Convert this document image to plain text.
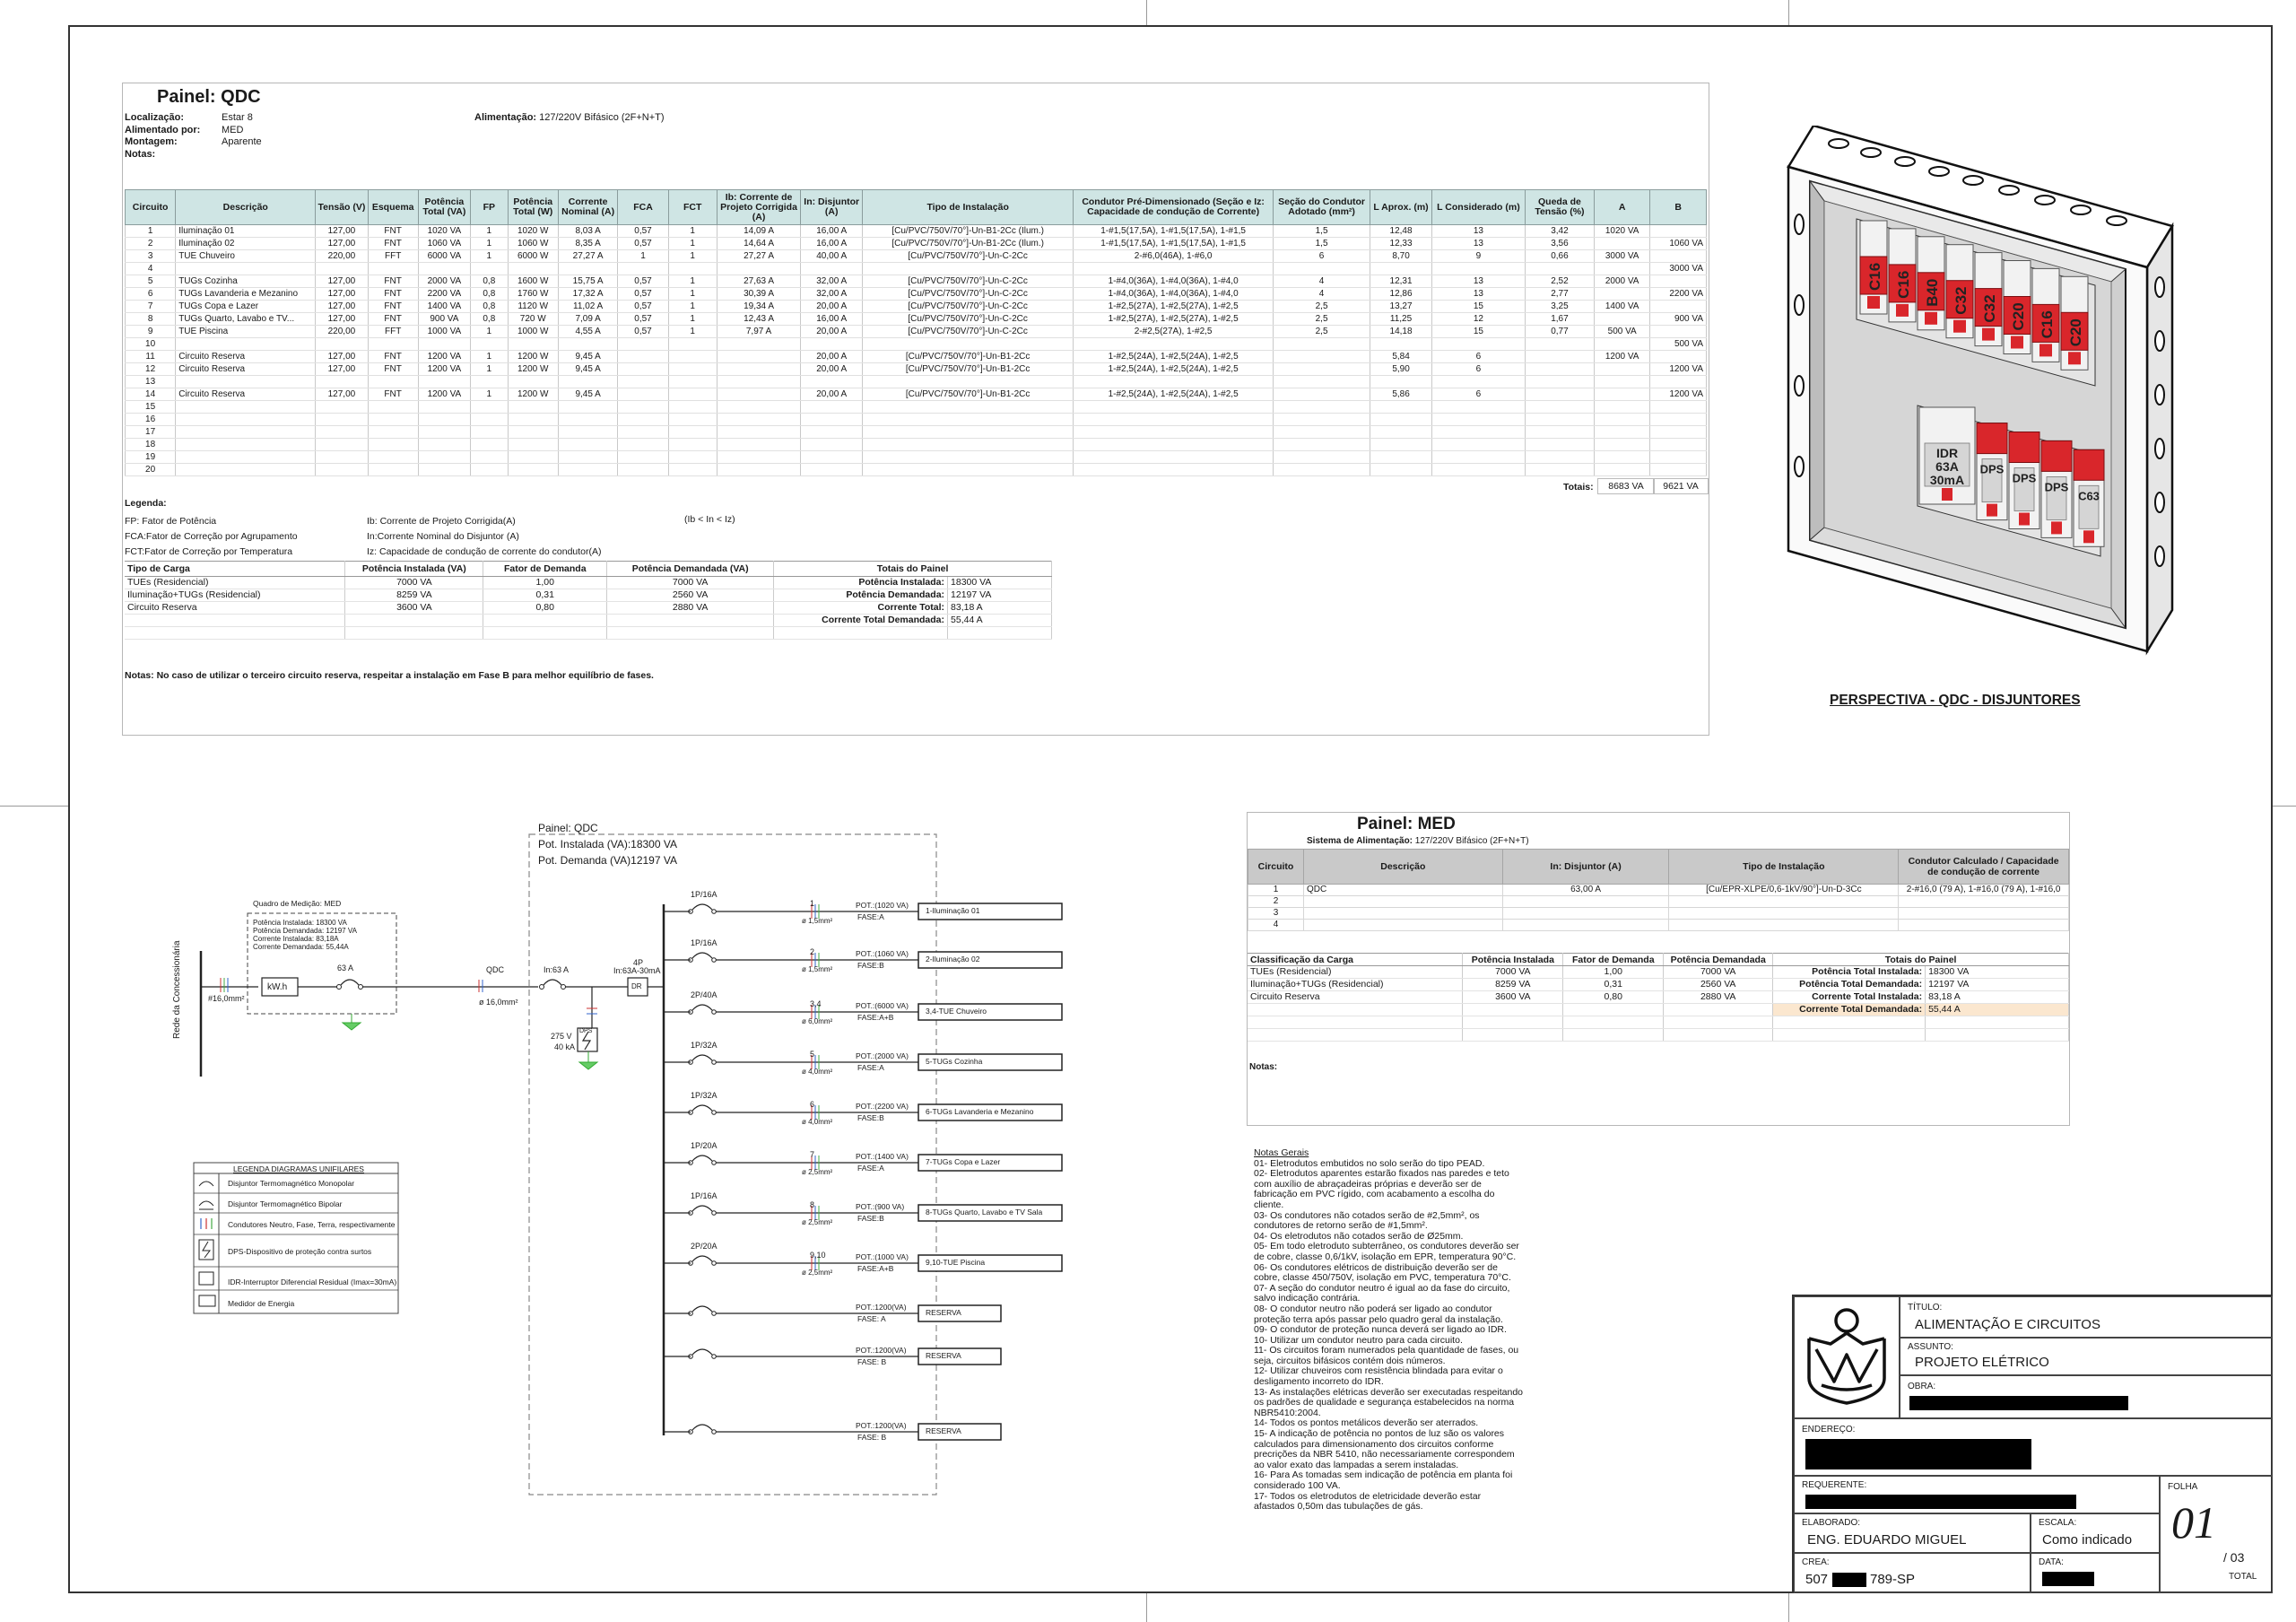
Painel: QDC
Localização:	Estar 8
Alimentado por: MED
Montagem:	Aparente
Notas:
Alimentação: 127/220V Bifásico (2F+N+T)
Circuito	Descrição	Tensão (V)	Esquema	Potência Total (VA)	FP	Potência Total (W)	Corrente Nominal (A)	FCA	FCT	Ib: Corrente de Projeto Corrigida (A)	In: Disjuntor (A)	Tipo de Instalação	Condutor Pré-Dimensionado (Seção e Iz: Capacidade de condução de Corrente)	Seção do Condutor Adotado (mm²)	L Aprox. (m)	L Considerado (m)	Queda de Tensão (%)	A	B
1	Iluminação 01	127,00	FNT	1020 VA	1	1020 W	8,03 A	0,57	1	14,09 A	16,00 A	[Cu/PVC/750V/70°]-Un-B1-2Cc (Ilum.)	1-#1,5(17,5A), 1-#1,5(17,5A), 1-#1,5	1,5	12,48	13	3,42	1020 VA	
2	Iluminação 02	127,00	FNT	1060 VA	1	1060 W	8,35 A	0,57	1	14,64 A	16,00 A	[Cu/PVC/750V/70°]-Un-B1-2Cc (Ilum.)	1-#1,5(17,5A), 1-#1,5(17,5A), 1-#1,5	1,5	12,33	13	3,56		1060 VA
3	TUE Chuveiro	220,00	FFT	6000 VA	1	6000 W	27,27 A	1	1	27,27 A	40,00 A	[Cu/PVC/750V/70°]-Un-C-2Cc	2-#6,0(46A), 1-#6,0	6	8,70	9	0,66	3000 VA	
4																			3000 VA
5	TUGs Cozinha	127,00	FNT	2000 VA	0,8	1600 W	15,75 A	0,57	1	27,63 A	32,00 A	[Cu/PVC/750V/70°]-Un-C-2Cc	1-#4,0(36A), 1-#4,0(36A), 1-#4,0	4	12,31	13	2,52	2000 VA	
6	TUGs Lavanderia e Mezanino	127,00	FNT	2200 VA	0,8	1760 W	17,32 A	0,57	1	30,39 A	32,00 A	[Cu/PVC/750V/70°]-Un-C-2Cc	1-#4,0(36A), 1-#4,0(36A), 1-#4,0	4	12,86	13	2,77		2200 VA
7	TUGs Copa e Lazer	127,00	FNT	1400 VA	0,8	1120 W	11,02 A	0,57	1	19,34 A	20,00 A	[Cu/PVC/750V/70°]-Un-C-2Cc	1-#2,5(27A), 1-#2,5(27A), 1-#2,5	2,5	13,27	15	3,25	1400 VA	
8	TUGs Quarto, Lavabo e TV...	127,00	FNT	900 VA	0,8	720 W	7,09 A	0,57	1	12,43 A	16,00 A	[Cu/PVC/750V/70°]-Un-C-2Cc	1-#2,5(27A), 1-#2,5(27A), 1-#2,5	2,5	11,25	12	1,67		900 VA
9	TUE Piscina	220,00	FFT	1000 VA	1	1000 W	4,55 A	0,57	1	7,97 A	20,00 A	[Cu/PVC/750V/70°]-Un-C-2Cc	2-#2,5(27A), 1-#2,5	2,5	14,18	15	0,77	500 VA	
10																			500 VA
11	Circuito Reserva	127,00	FNT	1200 VA	1	1200 W	9,45 A				20,00 A	[Cu/PVC/750V/70°]-Un-B1-2Cc	1-#2,5(24A), 1-#2,5(24A), 1-#2,5		5,84	6		1200 VA	
12	Circuito Reserva	127,00	FNT	1200 VA	1	1200 W	9,45 A				20,00 A	[Cu/PVC/750V/70°]-Un-B1-2Cc	1-#2,5(24A), 1-#2,5(24A), 1-#2,5		5,90	6			1200 VA
13																			
14	Circuito Reserva	127,00	FNT	1200 VA	1	1200 W	9,45 A				20,00 A	[Cu/PVC/750V/70°]-Un-B1-2Cc	1-#2,5(24A), 1-#2,5(24A), 1-#2,5		5,86	6			1200 VA
15																			
16																			
17																			
18																			
19																			
20																			
Totais:	8683 VA	9621 VA
Legenda:
FP: Fator de Potência
FCA:Fator de Correção por Agrupamento
FCT:Fator de Correção por Temperatura
Ib: Corrente de Projeto Corrigida(A)
In:Corrente Nominal do Disjuntor (A)
Iz: Capacidade de condução de corrente do condutor(A)
(Ib < In < Iz)
Tipo de Carga	Potência Instalada (VA)	Fator de Demanda	Potência Demandada (VA)	Totais do Painel	
TUEs (Residencial)	7000 VA	1,00	7000 VA	Potência Instalada:	18300 VA
Iluminação+TUGs (Residencial)	8259 VA	0,31	2560 VA	Potência Demandada:	12197 VA
Circuito Reserva	3600 VA	0,80	2880 VA	Corrente Total:	83,18 A
				Corrente Total Demandada:	55,44 A

Notas: No caso de utilizar o terceiro circuito reserva, respeitar a instalação em Fase B para melhor equilíbrio de fases.
C16 C16 B40 C32 C32 C20 C16 C20
IDR
63A
30mA
DPS
DPS
DPS
C63
PERSPECTIVA - QDC - DISJUNTORES
Painel: MED
Sistema de Alimentação: 127/220V Bifásico (2F+N+T)
Circuito	Descrição	In: Disjuntor (A)	Tipo de Instalação	Condutor Calculado / Capacidade de condução de corrente
1	QDC	63,00 A	[Cu/EPR-XLPE/0,6-1kV/90°]-Un-D-3Cc	2-#16,0 (79 A), 1-#16,0 (79 A), 1-#16,0
2				
3				
4				
Classificação da Carga	Potência Instalada	Fator de Demanda	Potência Demandada	Totais do Painel	
TUEs (Residencial)	7000 VA	1,00	7000 VA	Potência Total Instalada:	18300 VA
Iluminação+TUGs (Residencial)	8259 VA	0,31	2560 VA	Potência Total Demandada:	12197 VA
Circuito Reserva	3600 VA	0,80	2880 VA	Corrente Total Instalada:	83,18 A
				Corrente Total Demandada:	55,44 A

Notas:
Painel: QDC
Pot. Instalada (VA):18300 VA
Pot. Demanda (VA)12197 VA
Quadro de Medição: MED
Potência Instalada: 18300 VA
Potência Demandada: 12197 VA
Corrente Instalada: 83,18A
Corrente Demandada: 55,44A
Rede da Concessionária	kW.h
63 A
#16,0mm²
QDC
ø 16,0mm²
In:63 A
4P
In:63A-30mA
DR
275 V
40 kA
DPS
1P/16A
1
ø 1,5mm²
POT.:(1020 VA)
FASE:A
1-Iluminação 01
1P/16A
2
ø 1,5mm²
POT.:(1060 VA)
FASE:B
2-Iluminação 02
2P/40A
3,4
ø 6,0mm²
POT.:(6000 VA)
FASE:A+B
3,4-TUE Chuveiro
1P/32A
5
ø 4,0mm²
POT.:(2000 VA)
FASE:A
5-TUGs Cozinha
1P/32A
6
ø 4,0mm²
POT.:(2200 VA)
FASE:B
6-TUGs Lavanderia e Mezanino
1P/20A
7
ø 2,5mm²
POT.:(1400 VA)
FASE:A
7-TUGs Copa e Lazer
1P/16A
8
ø 2,5mm²
POT.:(900 VA)
FASE:B
8-TUGs Quarto, Lavabo e TV Sala
2P/20A
9,10
ø 2,5mm²
POT.:(1000 VA)
FASE:A+B
9,10-TUE Piscina
POT.:1200(VA)
FASE: A
RESERVA
POT.:1200(VA)
FASE: B
RESERVA
POT.:1200(VA)
FASE: B
RESERVA
LEGENDA DIAGRAMAS UNIFILARES
Disjuntor Termomagnético Monopolar
Disjuntor Termomagnético Bipolar
Condutores Neutro, Fase, Terra, respectivamente
DPS-Dispositivo de proteção contra surtos
IDR-Interruptor Diferencial Residual (Imax=30mA)
Medidor de Energia
Notas Gerais
01- Eletrodutos embutidos no solo serão do tipo PEAD.
02- Eletrodutos aparentes estarão fixados nas paredes e teto
com auxílio de abraçadeiras próprias e deverão ser de
fabricação em PVC rígido, com acabamento a escolha do
cliente.
03- Os condutores não cotados serão de #2,5mm², os
condutores de retorno serão de #1,5mm².
04- Os eletrodutos não cotados serão de Ø25mm.
05- Em todo eletroduto subterrâneo, os condutores deverão ser
de cobre, classe 0,6/1kV, isolação em EPR, temperatura 90°C.
06- Os condutores elétricos de distribuição deverão ser de
cobre, classe 450/750V, isolação em PVC, temperatura 70°C.
07- A seção do condutor neutro é igual ao da fase do circuito,
salvo indicação contrária.
08- O condutor neutro não poderá ser ligado ao condutor
proteção terra após passar pelo quadro geral da instalação.
09- O condutor de proteção nunca deverá ser ligado ao IDR.
10- Utilizar um condutor neutro para cada circuito.
11- Os circuitos foram numerados pela quantidade de fases, ou
seja, circuitos bifásicos contém dois números.
12- Utilizar chuveiros com resistência blindada para evitar o
desligamento incorreto do IDR.
13- As instalações elétricas deverão ser executadas respeitando
os padrões de qualidade e segurança estabelecidos na norma
NBR5410:2004.
14- Todos os pontos metálicos deverão ser aterrados.
15- A indicação de potência no pontos de luz são os valores
calculados para dimensionamento dos circuitos conforme
precrições da NBR 5410, não necessariamente correspondem
ao valor exato das lampadas a serem instaladas.
16- Para As tomadas sem indicação de potência em planta foi
considerado 100 VA.
17- Todos os eletrodutos de eletricidade deverão estar
afastados 0,50m das tubulações de gás.
TÍTULO:
ALIMENTAÇÃO E CIRCUITOS
ASSUNTO:
PROJETO ELÉTRICO
OBRA:
ENDEREÇO:
REQUERENTE:	FOLHA
01
/ 03
TOTAL
ELABORADO:
ENG. EDUARDO MIGUEL
ESCALA:
Como indicado
CREA:
507	789-SP
DATA:
